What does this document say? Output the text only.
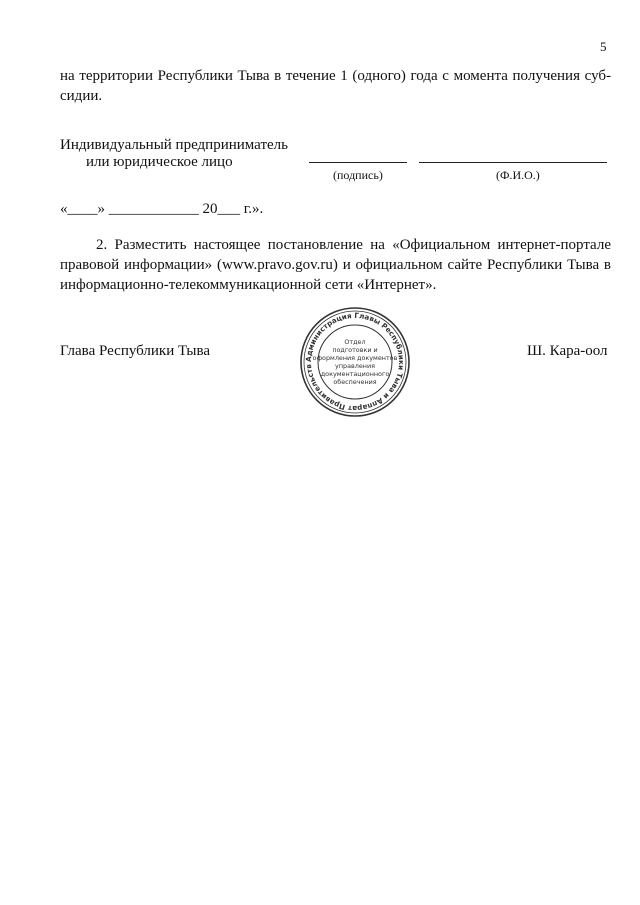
5
на территории Республики Тыва в течение 1 (одного) года с момента получения суб-
сидии.
Индивидуальный предприниматель
или юридическое лицо
(подпись)	(Ф.И.О.)
«____» ____________ 20___ г.».
2. Разместить настоящее постановление на «Официальном интернет-портале
правовой информации» (www.pravo.gov.ru) и официальном сайте Республики Тыва в
информационно-телекоммуникационной сети «Интернет».
Глава Республики Тыва	Ш. Кара-оол
Администрация Главы Республики Тыва и Аппарат Правительств
Отдел
подготовки и
оформления документов
управления
документационного
обеспечения
